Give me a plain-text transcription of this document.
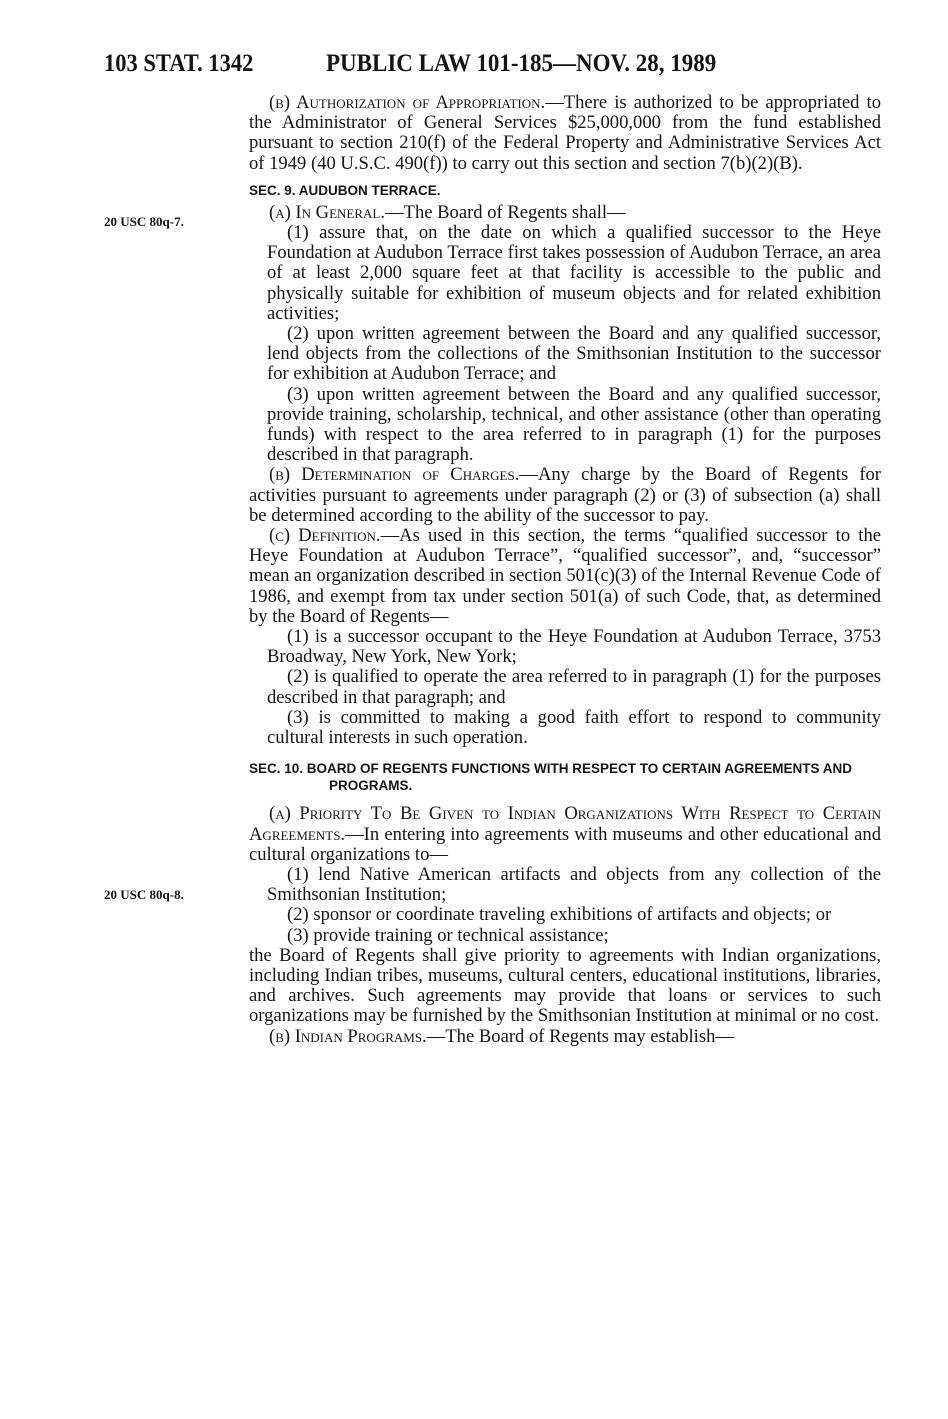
103 STAT. 1342	PUBLIC LAW 101-185—NOV. 28, 1989
20 USC 80q-7.
20 USC 80q-8.

(b) Authorization of Appropriation.—There is authorized to be appropriated to the Administrator of General Services $25,000,000 from the fund established pursuant to section 210(f) of the Federal Property and Administrative Services Act of 1949 (40 U.S.C. 490(f)) to carry out this section and section 7(b)(2)(B).

SEC. 9. AUDUBON TERRACE.

(a) In General.—The Board of Regents shall—

(1) assure that, on the date on which a qualified successor to the Heye Foundation at Audubon Terrace first takes possession of Audubon Terrace, an area of at least 2,000 square feet at that facility is accessible to the public and physically suitable for exhibition of museum objects and for related exhibition activities;

(2) upon written agreement between the Board and any qualified successor, lend objects from the collections of the Smithsonian Institution to the successor for exhibition at Audubon Terrace; and

(3) upon written agreement between the Board and any qualified successor, provide training, scholarship, technical, and other assistance (other than operating funds) with respect to the area referred to in paragraph (1) for the purposes described in that paragraph.

(b) Determination of Charges.—Any charge by the Board of Regents for activities pursuant to agreements under paragraph (2) or (3) of subsection (a) shall be determined according to the ability of the successor to pay.

(c) Definition.—As used in this section, the terms “qualified successor to the Heye Foundation at Audubon Terrace”, “qualified successor”, and, “successor” mean an organization described in section 501(c)(3) of the Internal Revenue Code of 1986, and exempt from tax under section 501(a) of such Code, that, as determined by the Board of Regents—

(1) is a successor occupant to the Heye Foundation at Audubon Terrace, 3753 Broadway, New York, New York;

(2) is qualified to operate the area referred to in paragraph (1) for the purposes described in that paragraph; and

(3) is committed to making a good faith effort to respond to community cultural interests in such operation.

SEC. 10. BOARD OF REGENTS FUNCTIONS WITH RESPECT TO CERTAIN AGREEMENTS AND PROGRAMS.

(a) Priority To Be Given to Indian Organizations With Respect to Certain Agreements.—In entering into agreements with museums and other educational and cultural organizations to—

(1) lend Native American artifacts and objects from any collection of the Smithsonian Institution;

(2) sponsor or coordinate traveling exhibitions of artifacts and objects; or

(3) provide training or technical assistance;

the Board of Regents shall give priority to agreements with Indian organizations, including Indian tribes, museums, cultural centers, educational institutions, libraries, and archives. Such agreements may provide that loans or services to such organizations may be furnished by the Smithsonian Institution at minimal or no cost.

(b) Indian Programs.—The Board of Regents may establish—
